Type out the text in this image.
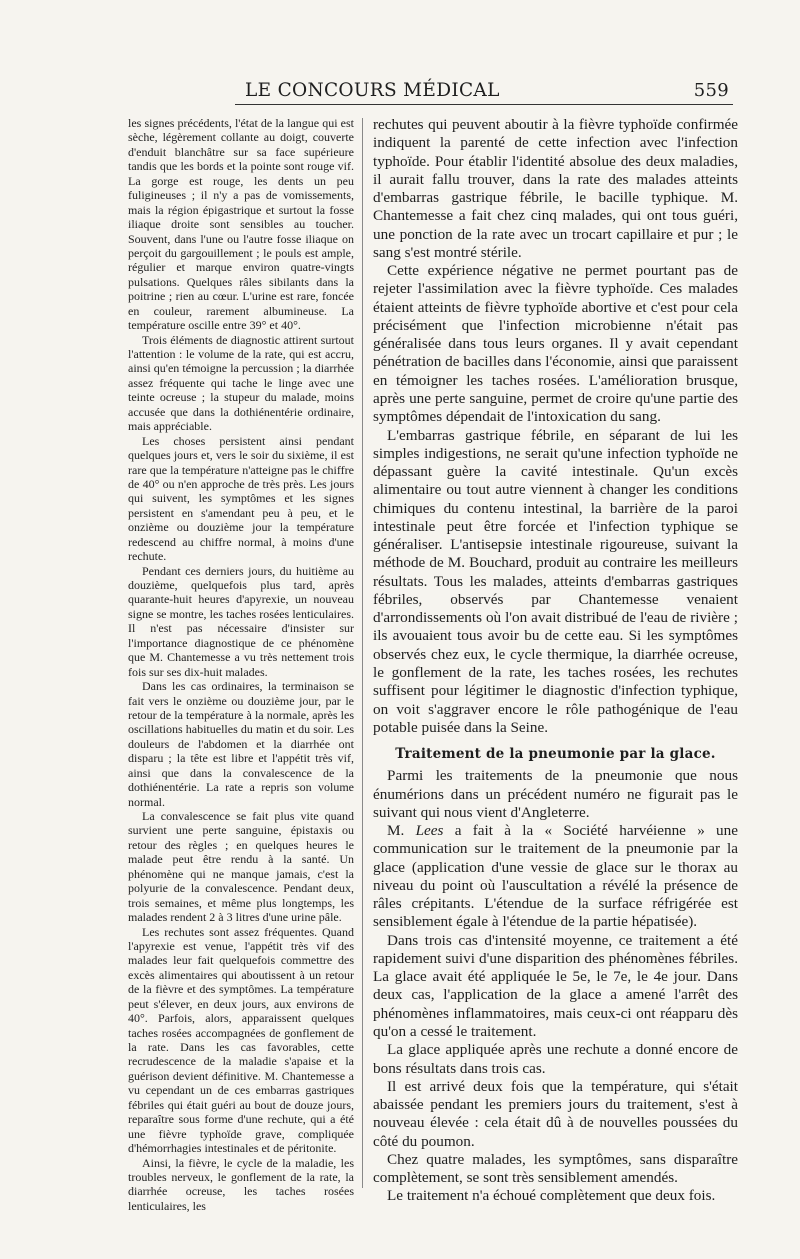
LE CONCOURS MÉDICAL	559

les signes précédents, l'état de la langue qui est sèche, légèrement collante au doigt, couverte d'enduit blanchâtre sur sa face supérieure tandis que les bords et la pointe sont rouge vif. La gorge est rouge, les dents un peu fuligineuses ; il n'y a pas de vomissements, mais la région épigastrique et surtout la fosse iliaque droite sont sensibles au toucher. Souvent, dans l'une ou l'autre fosse iliaque on perçoit du gargouillement ; le pouls est ample, régulier et marque environ quatre-vingts pulsations. Quelques râles sibilants dans la poitrine ; rien au cœur. L'urine est rare, foncée en couleur, rarement albumineuse. La température oscille entre 39° et 40°.

Trois éléments de diagnostic attirent surtout l'attention : le volume de la rate, qui est accru, ainsi qu'en témoigne la percussion ; la diarrhée assez fréquente qui tache le linge avec une teinte ocreuse ; la stupeur du malade, moins accusée que dans la dothiénentérie ordinaire, mais appréciable.

Les choses persistent ainsi pendant quelques jours et, vers le soir du sixième, il est rare que la température n'atteigne pas le chiffre de 40° ou n'en approche de très près. Les jours qui suivent, les symptômes et les signes persistent en s'amendant peu à peu, et le onzième ou douzième jour la température redescend au chiffre normal, à moins d'une rechute.

Pendant ces derniers jours, du huitième au douzième, quelquefois plus tard, après quarante-huit heures d'apyrexie, un nouveau signe se montre, les taches rosées lenticulaires. Il n'est pas nécessaire d'insister sur l'importance diagnostique de ce phénomène que M. Chantemesse a vu très nettement trois fois sur ses dix-huit malades.

Dans les cas ordinaires, la terminaison se fait vers le onzième ou douzième jour, par le retour de la température à la normale, après les oscillations habituelles du matin et du soir. Les douleurs de l'abdomen et la diarrhée ont disparu ; la tête est libre et l'appétit très vif, ainsi que dans la convalescence de la dothiénentérie. La rate a repris son volume normal.

La convalescence se fait plus vite quand survient une perte sanguine, épistaxis ou retour des règles ; en quelques heures le malade peut être rendu à la santé. Un phénomène qui ne manque jamais, c'est la polyurie de la convalescence. Pendant deux, trois semaines, et même plus longtemps, les malades rendent 2 à 3 litres d'une urine pâle.

Les rechutes sont assez fréquentes. Quand l'apyrexie est venue, l'appétit très vif des malades leur fait quelquefois commettre des excès alimentaires qui aboutissent à un retour de la fièvre et des symptômes. La température peut s'élever, en deux jours, aux environs de 40°. Parfois, alors, apparaissent quelques taches rosées accompagnées de gonflement de la rate. Dans les cas favorables, cette recrudescence de la maladie s'apaise et la guérison devient définitive. M. Chantemesse a vu cependant un de ces embarras gastriques fébriles qui était guéri au bout de douze jours, reparaître sous forme d'une rechute, qui a été une fièvre typhoïde grave, compliquée d'hémorrhagies intestinales et de péritonite.

Ainsi, la fièvre, le cycle de la maladie, les troubles nerveux, le gonflement de la rate, la diarrhée ocreuse, les taches rosées lenticulaires, les

rechutes qui peuvent aboutir à la fièvre typhoïde confirmée indiquent la parenté de cette infection avec l'infection typhoïde. Pour établir l'identité absolue des deux maladies, il aurait fallu trouver, dans la rate des malades atteints d'embarras gastrique fébrile, le bacille typhique. M. Chantemesse a fait chez cinq malades, qui ont tous guéri, une ponction de la rate avec un trocart capillaire et pur ; le sang s'est montré stérile.

Cette expérience négative ne permet pourtant pas de rejeter l'assimilation avec la fièvre typhoïde. Ces malades étaient atteints de fièvre typhoïde abortive et c'est pour cela précisément que l'infection microbienne n'était pas généralisée dans tous leurs organes. Il y avait cependant pénétration de bacilles dans l'économie, ainsi que paraissent en témoigner les taches rosées. L'amélioration brusque, après une perte sanguine, permet de croire qu'une partie des symptômes dépendait de l'intoxication du sang.

L'embarras gastrique fébrile, en séparant de lui les simples indigestions, ne serait qu'une infection typhoïde ne dépassant guère la cavité intestinale. Qu'un excès alimentaire ou tout autre viennent à changer les conditions chimiques du contenu intestinal, la barrière de la paroi intestinale peut être forcée et l'infection typhique se généraliser. L'antisepsie intestinale rigoureuse, suivant la méthode de M. Bouchard, produit au contraire les meilleurs résultats. Tous les malades, atteints d'embarras gastriques fébriles, observés par Chantemesse venaient d'arrondissements où l'on avait distribué de l'eau de rivière ; ils avouaient tous avoir bu de cette eau. Si les symptômes observés chez eux, le cycle thermique, la diarrhée ocreuse, le gonflement de la rate, les taches rosées, les rechutes suffisent pour légitimer le diagnostic d'infection typhique, on voit s'aggraver encore le rôle pathogénique de l'eau potable puisée dans la Seine.

Traitement de la pneumonie par la glace.

Parmi les traitements de la pneumonie que nous énumérions dans un précédent numéro ne figurait pas le suivant qui nous vient d'Angleterre.

M. Lees a fait à la « Société harvéienne » une communication sur le traitement de la pneumonie par la glace (application d'une vessie de glace sur le thorax au niveau du point où l'auscultation a révélé la présence de râles crépitants. L'étendue de la surface réfrigérée est sensiblement égale à l'étendue de la partie hépatisée).

Dans trois cas d'intensité moyenne, ce traitement a été rapidement suivi d'une disparition des phénomènes fébriles. La glace avait été appliquée le 5e, le 7e, le 4e jour. Dans deux cas, l'application de la glace a amené l'arrêt des phénomènes inflammatoires, mais ceux-ci ont réapparu dès qu'on a cessé le traitement.

La glace appliquée après une rechute a donné encore de bons résultats dans trois cas.

Il est arrivé deux fois que la température, qui s'était abaissée pendant les premiers jours du traitement, s'est à nouveau élevée : cela était dû à de nouvelles poussées du côté du poumon.

Chez quatre malades, les symptômes, sans disparaître complètement, se sont très sensiblement amendés.

Le traitement n'a échoué complètement que deux fois.
